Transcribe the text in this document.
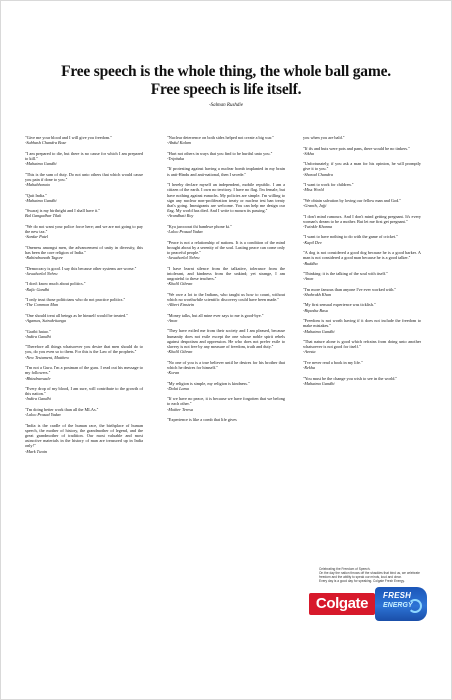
Free speech is the whole thing, the whole ball game.
Free speech is life itself.
-Salman Rushdie
"Give me your blood and I will give you freedom."
-Subhash Chandra Bose
"I am prepared to die, but there is no cause for which I am prepared to kill."
-Mahatma Gandhi
"This is the sum of duty. Do not unto others that which would cause you pain if done to you."
-Mahabharata
"Quit India."
-Mahatma Gandhi
"Swaraj is my birthright and I shall have it."
Bal Gangadhar Tilak
"We do not want your police force here; and we are not going to pay the new tax."
-Sardar Patel
"Oneness amongst men, the advancement of unity in diversity, this has been the core religion of India."
-Rabindranath Tagore
"Democracy is good. I say this because other systems are worse."
-Jawaharlal Nehru
"I don't know much about politics."
-Rafic Gandhi
"I only trust those politicians who do not practice politics."
-The Common Man
"One should treat all beings as he himself would be treated."
-Agamas, Sutrakritanga
"Garibi hatao."
-Indira Gandhi
"Therefore all things whatsoever you desire that men should do to you, do you even so to them. For this is the Law of the prophets."
-New Testament, Matthew
"I'm not a Guru. I'm a postman of the guru. I read out his message to my followers."
-Bhindranwale
"Every drop of my blood, I am sure, will contribute to the growth of this nation."
-Indira Gandhi
"I'm doing better work than all the MLAs."
-Laloo Prasad Yadav
"India is the cradle of the human race, the birthplace of human speech, the mother of history, the grandmother of legend, and the great grandmother of tradition. Our most valuable and most astructive materials in the history of man are treasured up in India only!"
-Mark Twain
"Nuclear deterrence on both sides helped not create a big war."
-Abdul Kalam
"Hurt not others in ways that you find to be hurtful unto you."
-Tripitaka
"If protesting against having a nuclear bomb implanted in my brain is anti-Hindu and anti-national, then I secede."
"I hereby declare myself an independent, mobile republic. I am a citizen of the earth. I own no territory. I have no flag. I'm female, but have nothing against eunuchs. My policies are simple. I'm willing to sign any nuclear non-proliferation treaty or nuclear test ban treaty that's going. Immigrants are welcome. You can help me design our flag. My world has died. And I write to mourn its passing."
-Arundhati Roy
"Kya jarooorat thi bambwe phone ki."
-Laloo Prasad Yadav
"Peace is not a relationship of nations. It is a condition of the mind brought about by a serenity of the soul. Lasting peace can come only to peaceful people."
-Jawaharlal Nehru
"I have learnt silence from the talkative, tolerance from the intolerant, and kindness from the unkind; yet strange, I am ungrateful to these teachers."
-Khalil Gibran
"We owe a lot to the Indians, who taught us how to count, without which no worthwhile scientific discovery could have been made."
-Albert Einstein
"Money talks, but all mine ever says to me is good-bye."
-Anon
"They have exiled me from their society and I am pleased, because humanity does not exile except the one whose noble spirit rebels against despotism and oppression. He who does not prefer exile to slavery is not free by any measure of freedom, truth and duty."
-Khalil Gibran
"No one of you is a true believer until he desires for his brother that which he desires for himself."
-Koran
"My religion is simple, my religion is kindness."
-Dalai Lama
"If we have no peace, it is because we have forgotten that we belong to each other."
-Mother Teresa
"Experience is like a comb that life gives
you when you are bald."
"If ifs and buts were pots and pans, there would be no tinkers."
-Sikha
"Unfortunately, if you ask a man for his opinion, he will promptly give it to you."
-Sharad Chandra
"I want to work for children."
-Miss World
"We obtain salvation by loving our fellow man and God."
-Granth, Jajji
"I don't mind rumours. And I don't mind getting pregnant. It's every woman's dream to be a mother. But let me first get pregnant."
-Twinkle Khanna
"I want to have nothing to do with the game of cricket."
-Kapil Dev
"A dog is not considered a good dog because he is a good barker. A man is not considered a good man because he is a good talker."
-Buddha
"Thinking: it is the talking of the soul with itself."
-Anon
"I'm more famous than anyone I've ever worked with."
-Shahrukh Khan
"My first sensual experience was ticklish."
-Bipasha Basu
"Freedom is not worth having if it does not include the freedom to make mistakes."
-Mahatma Gandhi
"That nature alone is good which refrains from doing unto another whatsoever is not good for itself."
-Avesta
"I've never read a book in my life."
-Rekha
"You must be the change you wish to see in the world."
-Mahatma Gandhi
Celebrating the Freedom of Speech.
On the day the nation throws off the shackles that bind us, we celebrate
freedom and the ability to speak our minds, loud and clear.
Every day is a good day for speaking. Colgate Fresh Energy.
Colgate	FRESH
ENERGY
